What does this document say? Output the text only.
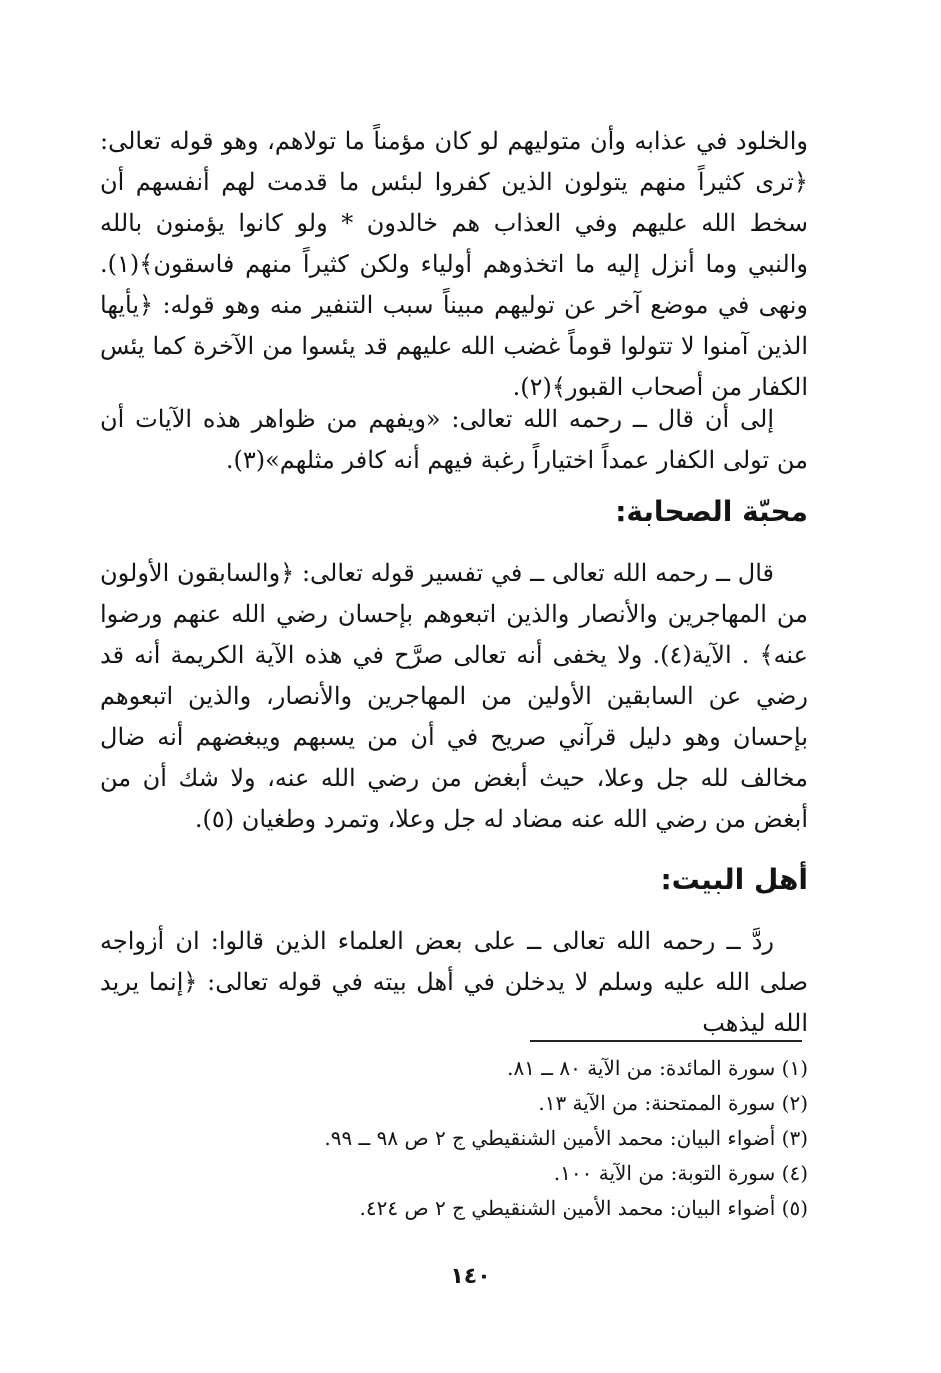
والخلود في عذابه وأن متوليهم لو كان مؤمناً ما تولاهم، وهو قوله تعالى: ﴿ترى كثيراً منهم يتولون الذين كفروا لبئس ما قدمت لهم أنفسهم أن سخط الله عليهم وفي العذاب هم خالدون * ولو كانوا يؤمنون بالله والنبي وما أنزل إليه ما اتخذوهم أولياء ولكن كثيراً منهم فاسقون﴾(١). ونهى في موضع آخر عن توليهم مبيناً سبب التنفير منه وهو قوله: ﴿يأيها الذين آمنوا لا تتولوا قوماً غضب الله عليهم قد يئسوا من الآخرة كما يئس الكفار من أصحاب القبور﴾(٢).

إلى أن قال ــ رحمه الله تعالى: «ويفهم من ظواهر هذه الآيات أن من تولى الكفار عمداً اختياراً رغبة فيهم أنه كافر مثلهم»(٣).

محبّة الصحابة:

قال ــ رحمه الله تعالى ــ في تفسير قوله تعالى: ﴿والسابقون الأولون من المهاجرين والأنصار والذين اتبعوهم بإحسان رضي الله عنهم ورضوا عنه﴾ . الآية(٤). ولا يخفى أنه تعالى صرَّح في هذه الآية الكريمة أنه قد رضي عن السابقين الأولين من المهاجرين والأنصار، والذين اتبعوهم بإحسان وهو دليل قرآني صريح في أن من يسبهم ويبغضهم أنه ضال مخالف لله جل وعلا، حيث أبغض من رضي الله عنه، ولا شك أن من أبغض من رضي الله عنه مضاد له جل وعلا، وتمرد وطغيان (٥).

أهل البيت:

ردَّ ــ رحمه الله تعالى ــ على بعض العلماء الذين قالوا: ان أزواجه صلى الله عليه وسلم لا يدخلن في أهل بيته في قوله تعالى: ﴿إنما يريد الله ليذهب

(١) سورة المائدة: من الآية ٨٠ ــ ٨١.
(٢) سورة الممتحنة: من الآية ١٣.
(٣) أضواء البيان: محمد الأمين الشنقيطي ج ٢ ص ٩٨ ــ ٩٩.
(٤) سورة التوبة: من الآية ١٠٠.
(٥) أضواء البيان: محمد الأمين الشنقيطي ج ٢ ص ٤٢٤.
١٤٠
